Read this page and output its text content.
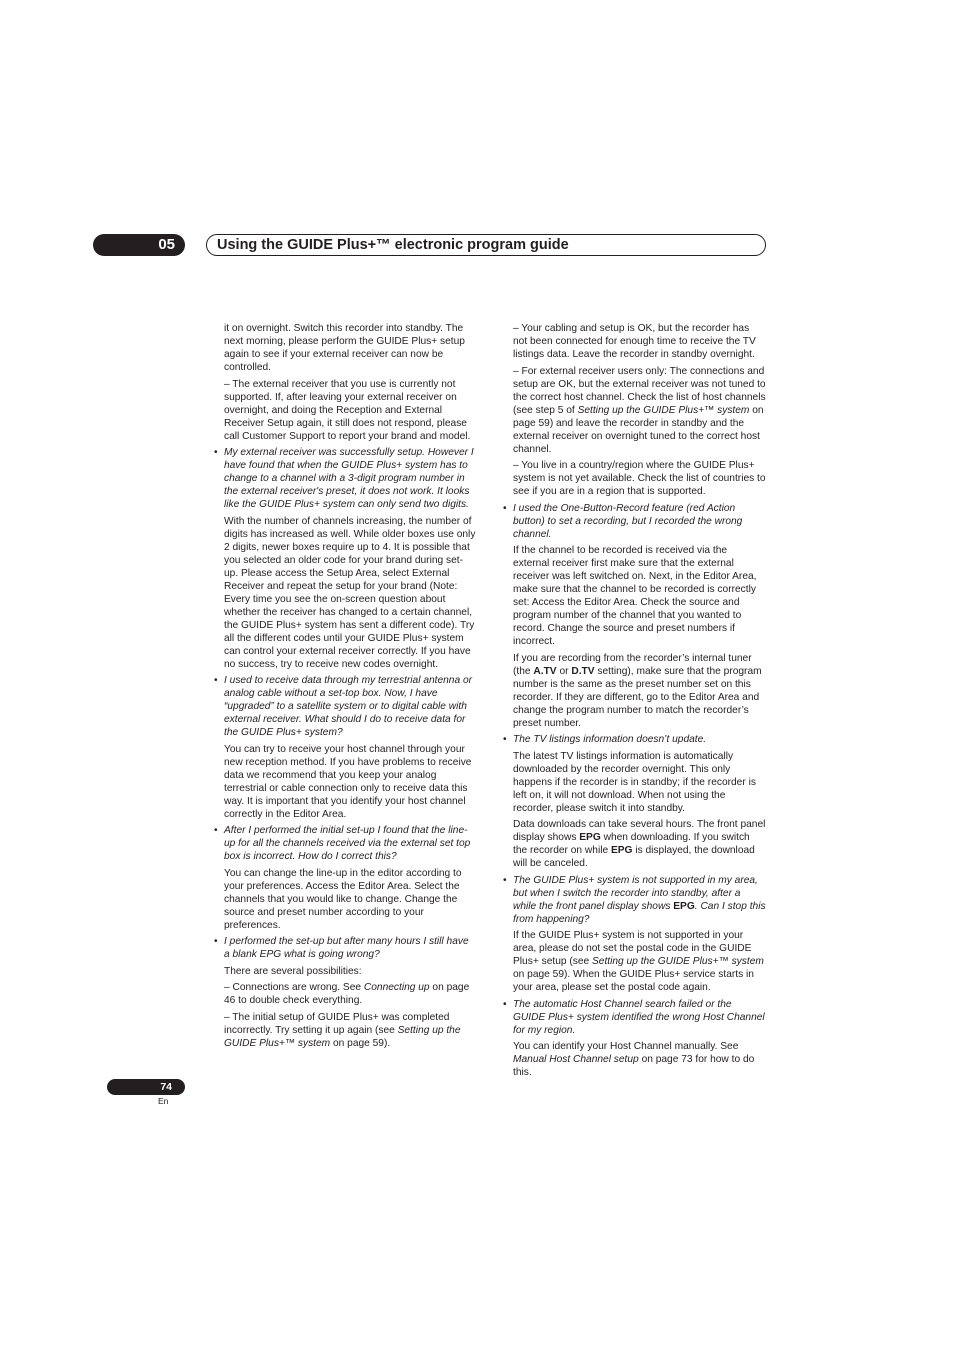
05	Using the GUIDE Plus+™ electronic program guide

it on overnight. Switch this recorder into standby. The next morning, please perform the GUIDE Plus+ setup again to see if your external receiver can now be controlled.

– The external receiver that you use is currently not supported. If, after leaving your external receiver on overnight, and doing the Reception and External Receiver Setup again, it still does not respond, please call Customer Support to report your brand and model.

• My external receiver was successfully setup. However I have found that when the GUIDE Plus+ system has to change to a channel with a 3-digit program number in the external receiver's preset, it does not work. It looks like the GUIDE Plus+ system can only send two digits.

With the number of channels increasing, the number of digits has increased as well. While older boxes use only 2 digits, newer boxes require up to 4. It is possible that you selected an older code for your brand during set-up. Please access the Setup Area, select External Receiver and repeat the setup for your brand (Note: Every time you see the on-screen question about whether the receiver has changed to a certain channel, the GUIDE Plus+ system has sent a different code). Try all the different codes until your GUIDE Plus+ system can control your external receiver correctly. If you have no success, try to receive new codes overnight.

• I used to receive data through my terrestrial antenna or analog cable without a set-top box. Now, I have “upgraded” to a satellite system or to digital cable with external receiver. What should I do to receive data for the GUIDE Plus+ system?

You can try to receive your host channel through your new reception method. If you have problems to receive data we recommend that you keep your analog terrestrial or cable connection only to receive data this way. It is important that you identify your host channel correctly in the Editor Area.

• After I performed the initial set-up I found that the line-up for all the channels received via the external set top box is incorrect. How do I correct this?

You can change the line-up in the editor according to your preferences. Access the Editor Area. Select the channels that you would like to change. Change the source and preset number according to your preferences.

• I performed the set-up but after many hours I still have a blank EPG what is going wrong?

There are several possibilities:

– Connections are wrong. See Connecting up on page 46 to double check everything.

– The initial setup of GUIDE Plus+ was completed incorrectly. Try setting it up again (see Setting up the GUIDE Plus+™ system on page 59).

– Your cabling and setup is OK, but the recorder has not been connected for enough time to receive the TV listings data. Leave the recorder in standby overnight.

– For external receiver users only: The connections and setup are OK, but the external receiver was not tuned to the correct host channel. Check the list of host channels (see step 5 of Setting up the GUIDE Plus+™ system on page 59) and leave the recorder in standby and the external receiver on overnight tuned to the correct host channel.

– You live in a country/region where the GUIDE Plus+ system is not yet available. Check the list of countries to see if you are in a region that is supported.

• I used the One-Button-Record feature (red Action button) to set a recording, but I recorded the wrong channel.

If the channel to be recorded is received via the external receiver first make sure that the external receiver was left switched on. Next, in the Editor Area, make sure that the channel to be recorded is correctly set: Access the Editor Area. Check the source and program number of the channel that you wanted to record. Change the source and preset numbers if incorrect.

If you are recording from the recorder’s internal tuner (the A.TV or D.TV setting), make sure that the program number is the same as the preset number set on this recorder. If they are different, go to the Editor Area and change the program number to match the recorder’s preset number.

• The TV listings information doesn’t update.

The latest TV listings information is automatically downloaded by the recorder overnight. This only happens if the recorder is in standby; if the recorder is left on, it will not download. When not using the recorder, please switch it into standby.

Data downloads can take several hours. The front panel display shows EPG when downloading. If you switch the recorder on while EPG is displayed, the download will be canceled.

• The GUIDE Plus+ system is not supported in my area, but when I switch the recorder into standby, after a while the front panel display shows EPG. Can I stop this from happening?

If the GUIDE Plus+ system is not supported in your area, please do not set the postal code in the GUIDE Plus+ setup (see Setting up the GUIDE Plus+™ system on page 59). When the GUIDE Plus+ service starts in your area, please set the postal code again.

• The automatic Host Channel search failed or the GUIDE Plus+ system identified the wrong Host Channel for my region.

You can identify your Host Channel manually. See Manual Host Channel setup on page 73 for how to do this.

74
En
